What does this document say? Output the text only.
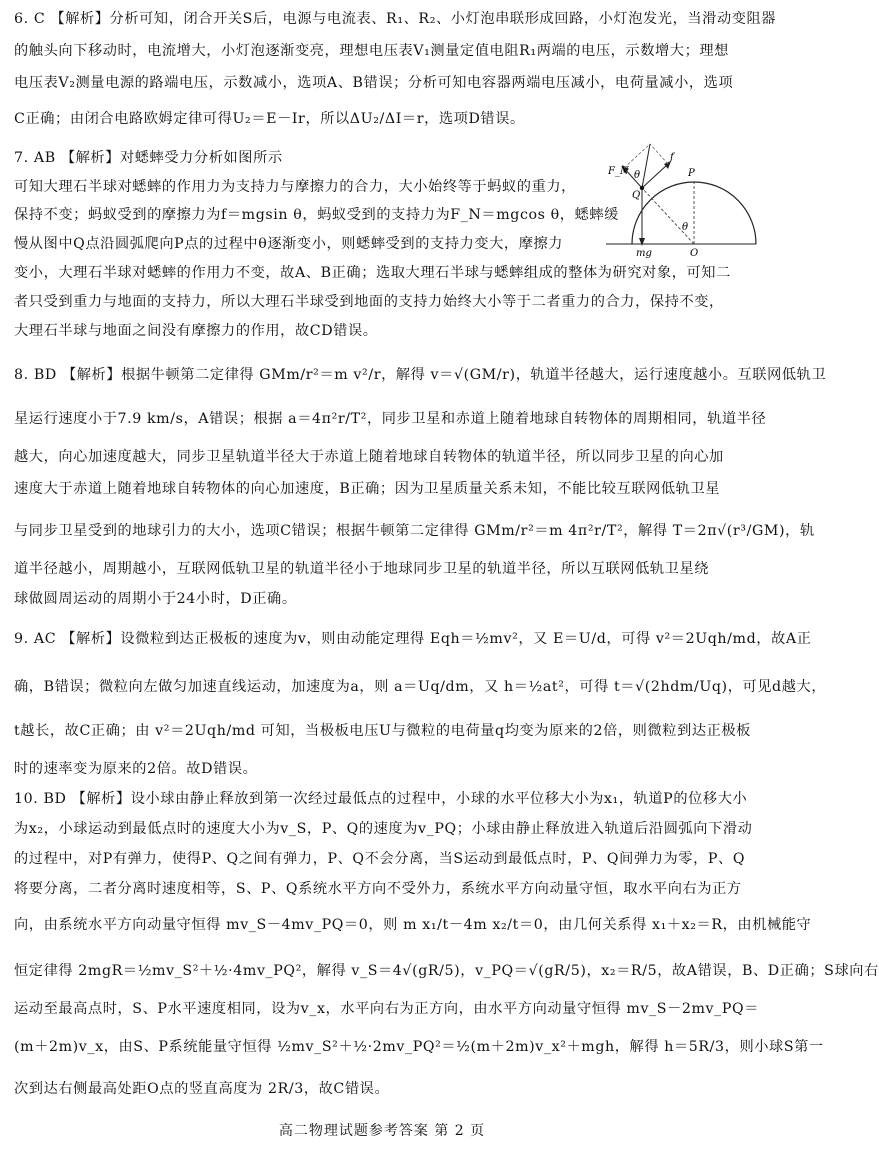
6. C 【解析】分析可知，闭合开关S后，电源与电流表、R₁、R₂、小灯泡串联形成回路，小灯泡发光，当滑动变阻器
的触头向下移动时，电流增大，小灯泡逐渐变亮，理想电压表V₁测量定值电阻R₁两端的电压，示数增大；理想
电压表V₂测量电源的路端电压，示数减小，选项A、B错误；分析可知电容器两端电压减小，电荷量减小，选项
C正确；由闭合电路欧姆定律可得U₂＝E－Ir，所以ΔU₂/ΔI＝r，选项D错误。
7. AB 【解析】对蟋蟀受力分析如图所示
可知大理石半球对蟋蟀的作用力为支持力与摩擦力的合力，大小始终等于蚂蚁的重力，
保持不变；蚂蚁受到的摩擦力为f＝mgsin θ，蚂蚁受到的支持力为F_N＝mgcos θ，蟋蟀缓
慢从图中Q点沿圆弧爬向P点的过程中θ逐渐变小，则蟋蟀受到的支持力变大，摩擦力
变小，大理石半球对蟋蟀的作用力不变，故A、B正确；选取大理石半球与蟋蟀组成的整体为研究对象，可知二
者只受到重力与地面的支持力，所以大理石半球受到地面的支持力始终大小等于二者重力的合力，保持不变，
大理石半球与地面之间没有摩擦力的作用，故CD错误。
f
P
F_N θ
Q
θ
mg	O
8. BD 【解析】根据牛顿第二定律得 GMm/r²＝m v²/r，解得 v＝√(GM/r)，轨道半径越大，运行速度越小。互联网低轨卫
星运行速度小于7.9 km/s，A错误；根据 a＝4π²r/T²，同步卫星和赤道上随着地球自转物体的周期相同，轨道半径
越大，向心加速度越大，同步卫星轨道半径大于赤道上随着地球自转物体的轨道半径，所以同步卫星的向心加
速度大于赤道上随着地球自转物体的向心加速度，B正确；因为卫星质量关系未知，不能比较互联网低轨卫星
与同步卫星受到的地球引力的大小，选项C错误；根据牛顿第二定律得 GMm/r²＝m 4π²r/T²，解得 T＝2π√(r³/GM)，轨
道半径越小，周期越小，互联网低轨卫星的轨道半径小于地球同步卫星的轨道半径，所以互联网低轨卫星绕
球做圆周运动的周期小于24小时，D正确。
9. AC 【解析】设微粒到达正极板的速度为v，则由动能定理得 Eqh＝½mv²，又 E＝U/d，可得 v²＝2Uqh/md，故A正
确，B错误；微粒向左做匀加速直线运动，加速度为a，则 a＝Uq/dm，又 h＝½at²，可得 t＝√(2hdm/Uq)，可见d越大，
t越长，故C正确；由 v²＝2Uqh/md 可知，当极板电压U与微粒的电荷量q均变为原来的2倍，则微粒到达正极板
时的速率变为原来的2倍。故D错误。
10. BD 【解析】设小球由静止释放到第一次经过最低点的过程中，小球的水平位移大小为x₁，轨道P的位移大小
为x₂，小球运动到最低点时的速度大小为v_S，P、Q的速度为v_PQ；小球由静止释放进入轨道后沿圆弧向下滑动
的过程中，对P有弹力，使得P、Q之间有弹力，P、Q不会分离，当S运动到最低点时，P、Q间弹力为零，P、Q
将要分离，二者分离时速度相等，S、P、Q系统水平方向不受外力，系统水平方向动量守恒，取水平向右为正方
向，由系统水平方向动量守恒得 mv_S－4mv_PQ＝0，则 m x₁/t－4m x₂/t＝0，由几何关系得 x₁＋x₂＝R，由机械能守
恒定律得 2mgR＝½mv_S²＋½·4mv_PQ²，解得 v_S＝4√(gR/5)，v_PQ＝√(gR/5)，x₂＝R/5，故A错误，B、D正确；S球向右
运动至最高点时，S、P水平速度相同，设为v_x，水平向右为正方向，由水平方向动量守恒得 mv_S－2mv_PQ＝
(m＋2m)v_x，由S、P系统能量守恒得 ½mv_S²＋½·2mv_PQ²＝½(m＋2m)v_x²＋mgh，解得 h＝5R/3，则小球S第一
次到达右侧最高处距O点的竖直高度为 2R/3，故C错误。
高二物理试题参考答案 第 2 页
